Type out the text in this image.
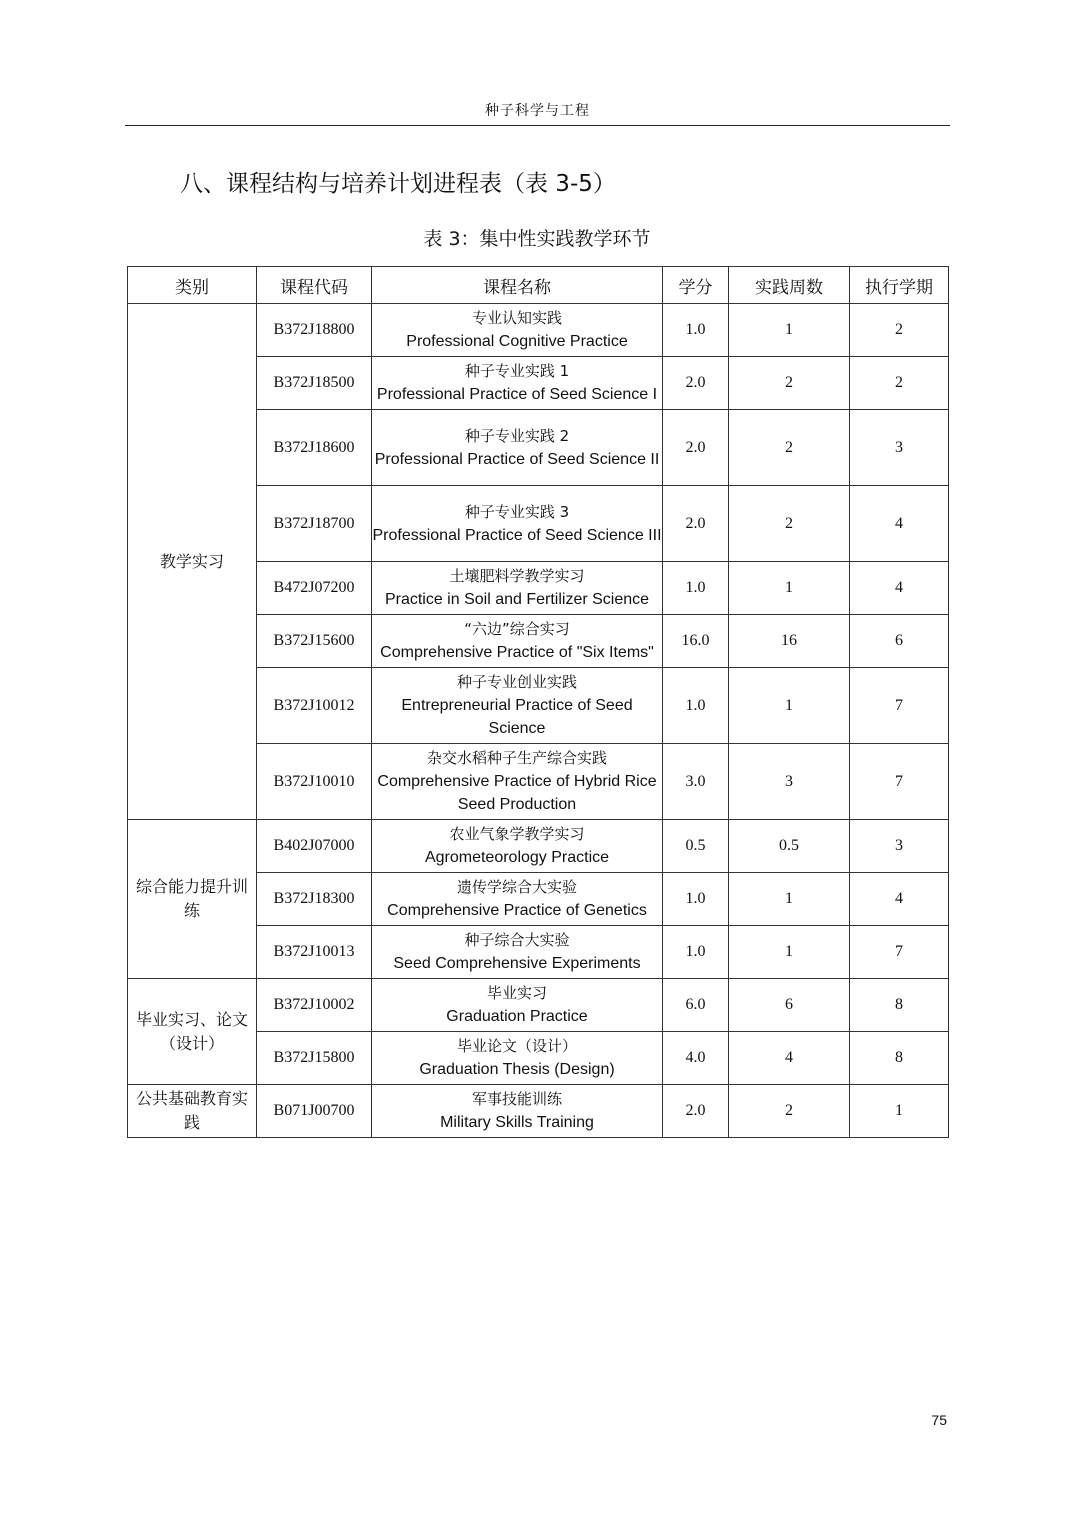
种子科学与工程
八、课程结构与培养计划进程表（表 3-5）
表 3：集中性实践教学环节
类别	课程代码	课程名称	学分	实践周数	执行学期
教学实习	B372J18800	专业认知实践
Professional Cognitive Practice	1.0	1	2
	B372J18500	种子专业实践 1
Professional Practice of Seed Science I	2.0	2	2
	B372J18600	种子专业实践 2
Professional Practice of Seed Science II	2.0	2	3
	B372J18700	种子专业实践 3
Professional Practice of Seed Science III	2.0	2	4
	B472J07200	土壤肥料学教学实习
Practice in Soil and Fertilizer Science	1.0	1	4
	B372J15600	“六边”综合实习
Comprehensive Practice of "Six Items"	16.0	16	6
	B372J10012	种子专业创业实践
Entrepreneurial Practice of Seed Science	1.0	1	7
	B372J10010	杂交水稻种子生产综合实践
Comprehensive Practice of Hybrid Rice Seed Production	3.0	3	7
综合能力提升训练	B402J07000	农业气象学教学实习
Agrometeorology Practice	0.5	0.5	3
	B372J18300	遗传学综合大实验
Comprehensive Practice of Genetics	1.0	1	4
	B372J10013	种子综合大实验
Seed Comprehensive Experiments	1.0	1	7
毕业实习、论文（设计）	B372J10002	毕业实习
Graduation Practice	6.0	6	8
	B372J15800	毕业论文（设计）
Graduation Thesis (Design)	4.0	4	8
公共基础教育实践	B071J00700	军事技能训练
Military Skills Training	2.0	2	1
75
